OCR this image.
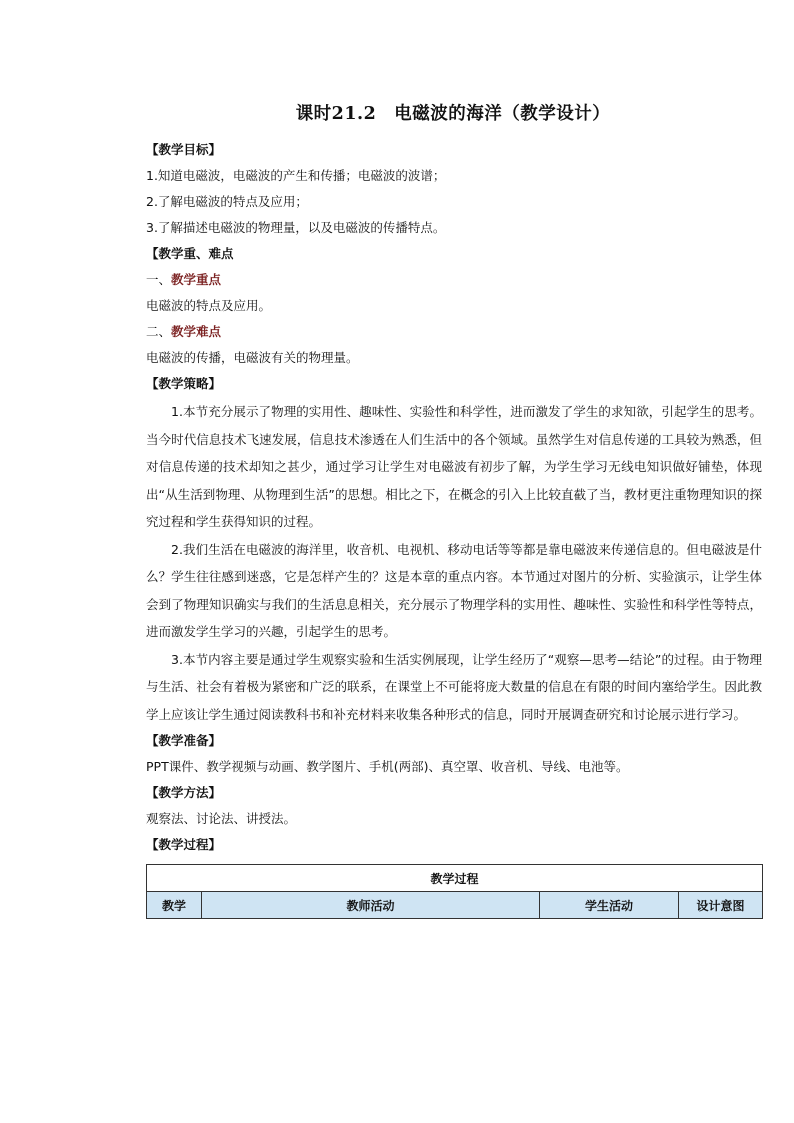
课时21.2　电磁波的海洋（教学设计）

【教学目标】

1.知道电磁波，电磁波的产生和传播；电磁波的波谱；

2.了解电磁波的特点及应用；

3.了解描述电磁波的物理量，以及电磁波的传播特点。

【教学重、难点

一、教学重点

电磁波的特点及应用。

二、教学难点

电磁波的传播，电磁波有关的物理量。

【教学策略】

1.本节充分展示了物理的实用性、趣味性、实验性和科学性，进而激发了学生的求知欲，引起学生的思考。当今时代信息技术飞速发展，信息技术渗透在人们生活中的各个领域。虽然学生对信息传递的工具较为熟悉，但对信息传递的技术却知之甚少，通过学习让学生对电磁波有初步了解，为学生学习无线电知识做好铺垫，体现出“从生活到物理、从物理到生活”的思想。相比之下，在概念的引入上比较直截了当，教材更注重物理知识的探究过程和学生获得知识的过程。

2.我们生活在电磁波的海洋里，收音机、电视机、移动电话等等都是靠电磁波来传递信息的。但电磁波是什么？学生往往感到迷惑，它是怎样产生的？这是本章的重点内容。本节通过对图片的分析、实验演示，让学生体会到了物理知识确实与我们的生活息息相关，充分展示了物理学科的实用性、趣味性、实验性和科学性等特点，进而激发学生学习的兴趣，引起学生的思考。

3.本节内容主要是通过学生观察实验和生活实例展现，让学生经历了“观察—思考—结论”的过程。由于物理与生活、社会有着极为紧密和广泛的联系，在课堂上不可能将庞大数量的信息在有限的时间内塞给学生。因此教学上应该让学生通过阅读教科书和补充材料来收集各种形式的信息，同时开展调查研究和讨论展示进行学习。

【教学准备】

PPT课件、教学视频与动画、教学图片、手机(两部)、真空罩、收音机、导线、电池等。

【教学方法】

观察法、讨论法、讲授法。

【教学过程】

教学过程
教学	教师活动	学生活动	设计意图
